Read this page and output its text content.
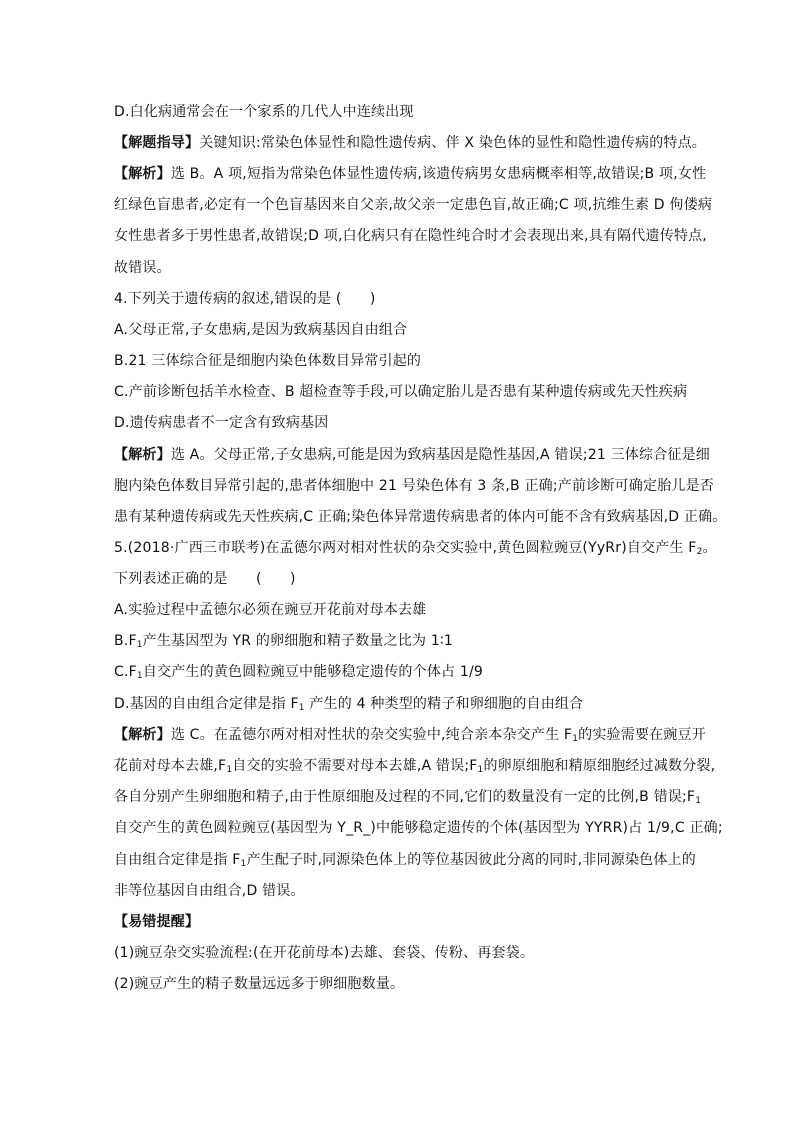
D.白化病通常会在一个家系的几代人中连续出现
【解题指导】关键知识:常染色体显性和隐性遗传病、伴 X 染色体的显性和隐性遗传病的特点。
【解析】选 B。A 项,短指为常染色体显性遗传病,该遗传病男女患病概率相等,故错误;B 项,女性
红绿色盲患者,必定有一个色盲基因来自父亲,故父亲一定患色盲,故正确;C 项,抗维生素 D 佝偻病
女性患者多于男性患者,故错误;D 项,白化病只有在隐性纯合时才会表现出来,具有隔代遗传特点,
故错误。
4.下列关于遗传病的叙述,错误的是 (　　)
A.父母正常,子女患病,是因为致病基因自由组合
B.21 三体综合征是细胞内染色体数目异常引起的
C.产前诊断包括羊水检查、B 超检查等手段,可以确定胎儿是否患有某种遗传病或先天性疾病
D.遗传病患者不一定含有致病基因
【解析】选 A。父母正常,子女患病,可能是因为致病基因是隐性基因,A 错误;21 三体综合征是细
胞内染色体数目异常引起的,患者体细胞中 21 号染色体有 3 条,B 正确;产前诊断可确定胎儿是否
患有某种遗传病或先天性疾病,C 正确;染色体异常遗传病患者的体内可能不含有致病基因,D 正确。
5.(2018·广西三市联考)在孟德尔两对相对性状的杂交实验中,黄色圆粒豌豆(YyRr)自交产生 $F_2$。
下列表述正确的是　　(　　)
A.实验过程中孟德尔必须在豌豆开花前对母本去雄
$B.F_1$产生基因型为 YR 的卵细胞和精子数量之比为 1∶1
$C.F_1$自交产生的黄色圆粒豌豆中能够稳定遗传的个体占 1/9
D.基因的自由组合定律是指 $F_1$ 产生的 4 种类型的精子和卵细胞的自由组合
【解析】选 C。在孟德尔两对相对性状的杂交实验中,纯合亲本杂交产生 $F_1$的实验需要在豌豆开
花前对母本去雄$,F_1$自交的实验不需要对母本去雄,A 错误$;F_1$的卵原细胞和精原细胞经过减数分裂,
各自分别产生卵细胞和精子,由于性原细胞及过程的不同,它们的数量没有一定的比例,B 错误$;F_1$
自交产生的黄色圆粒豌豆(基因型为 Y_R_)中能够稳定遗传的个体(基因型为 YYRR)占 1/9,C 正确;
自由组合定律是指 $F_1$产生配子时,同源染色体上的等位基因彼此分离的同时,非同源染色体上的
非等位基因自由组合,D 错误。
【易错提醒】
(1)豌豆杂交实验流程:(在开花前母本)去雄、套袋、传粉、再套袋。
(2)豌豆产生的精子数量远远多于卵细胞数量。
